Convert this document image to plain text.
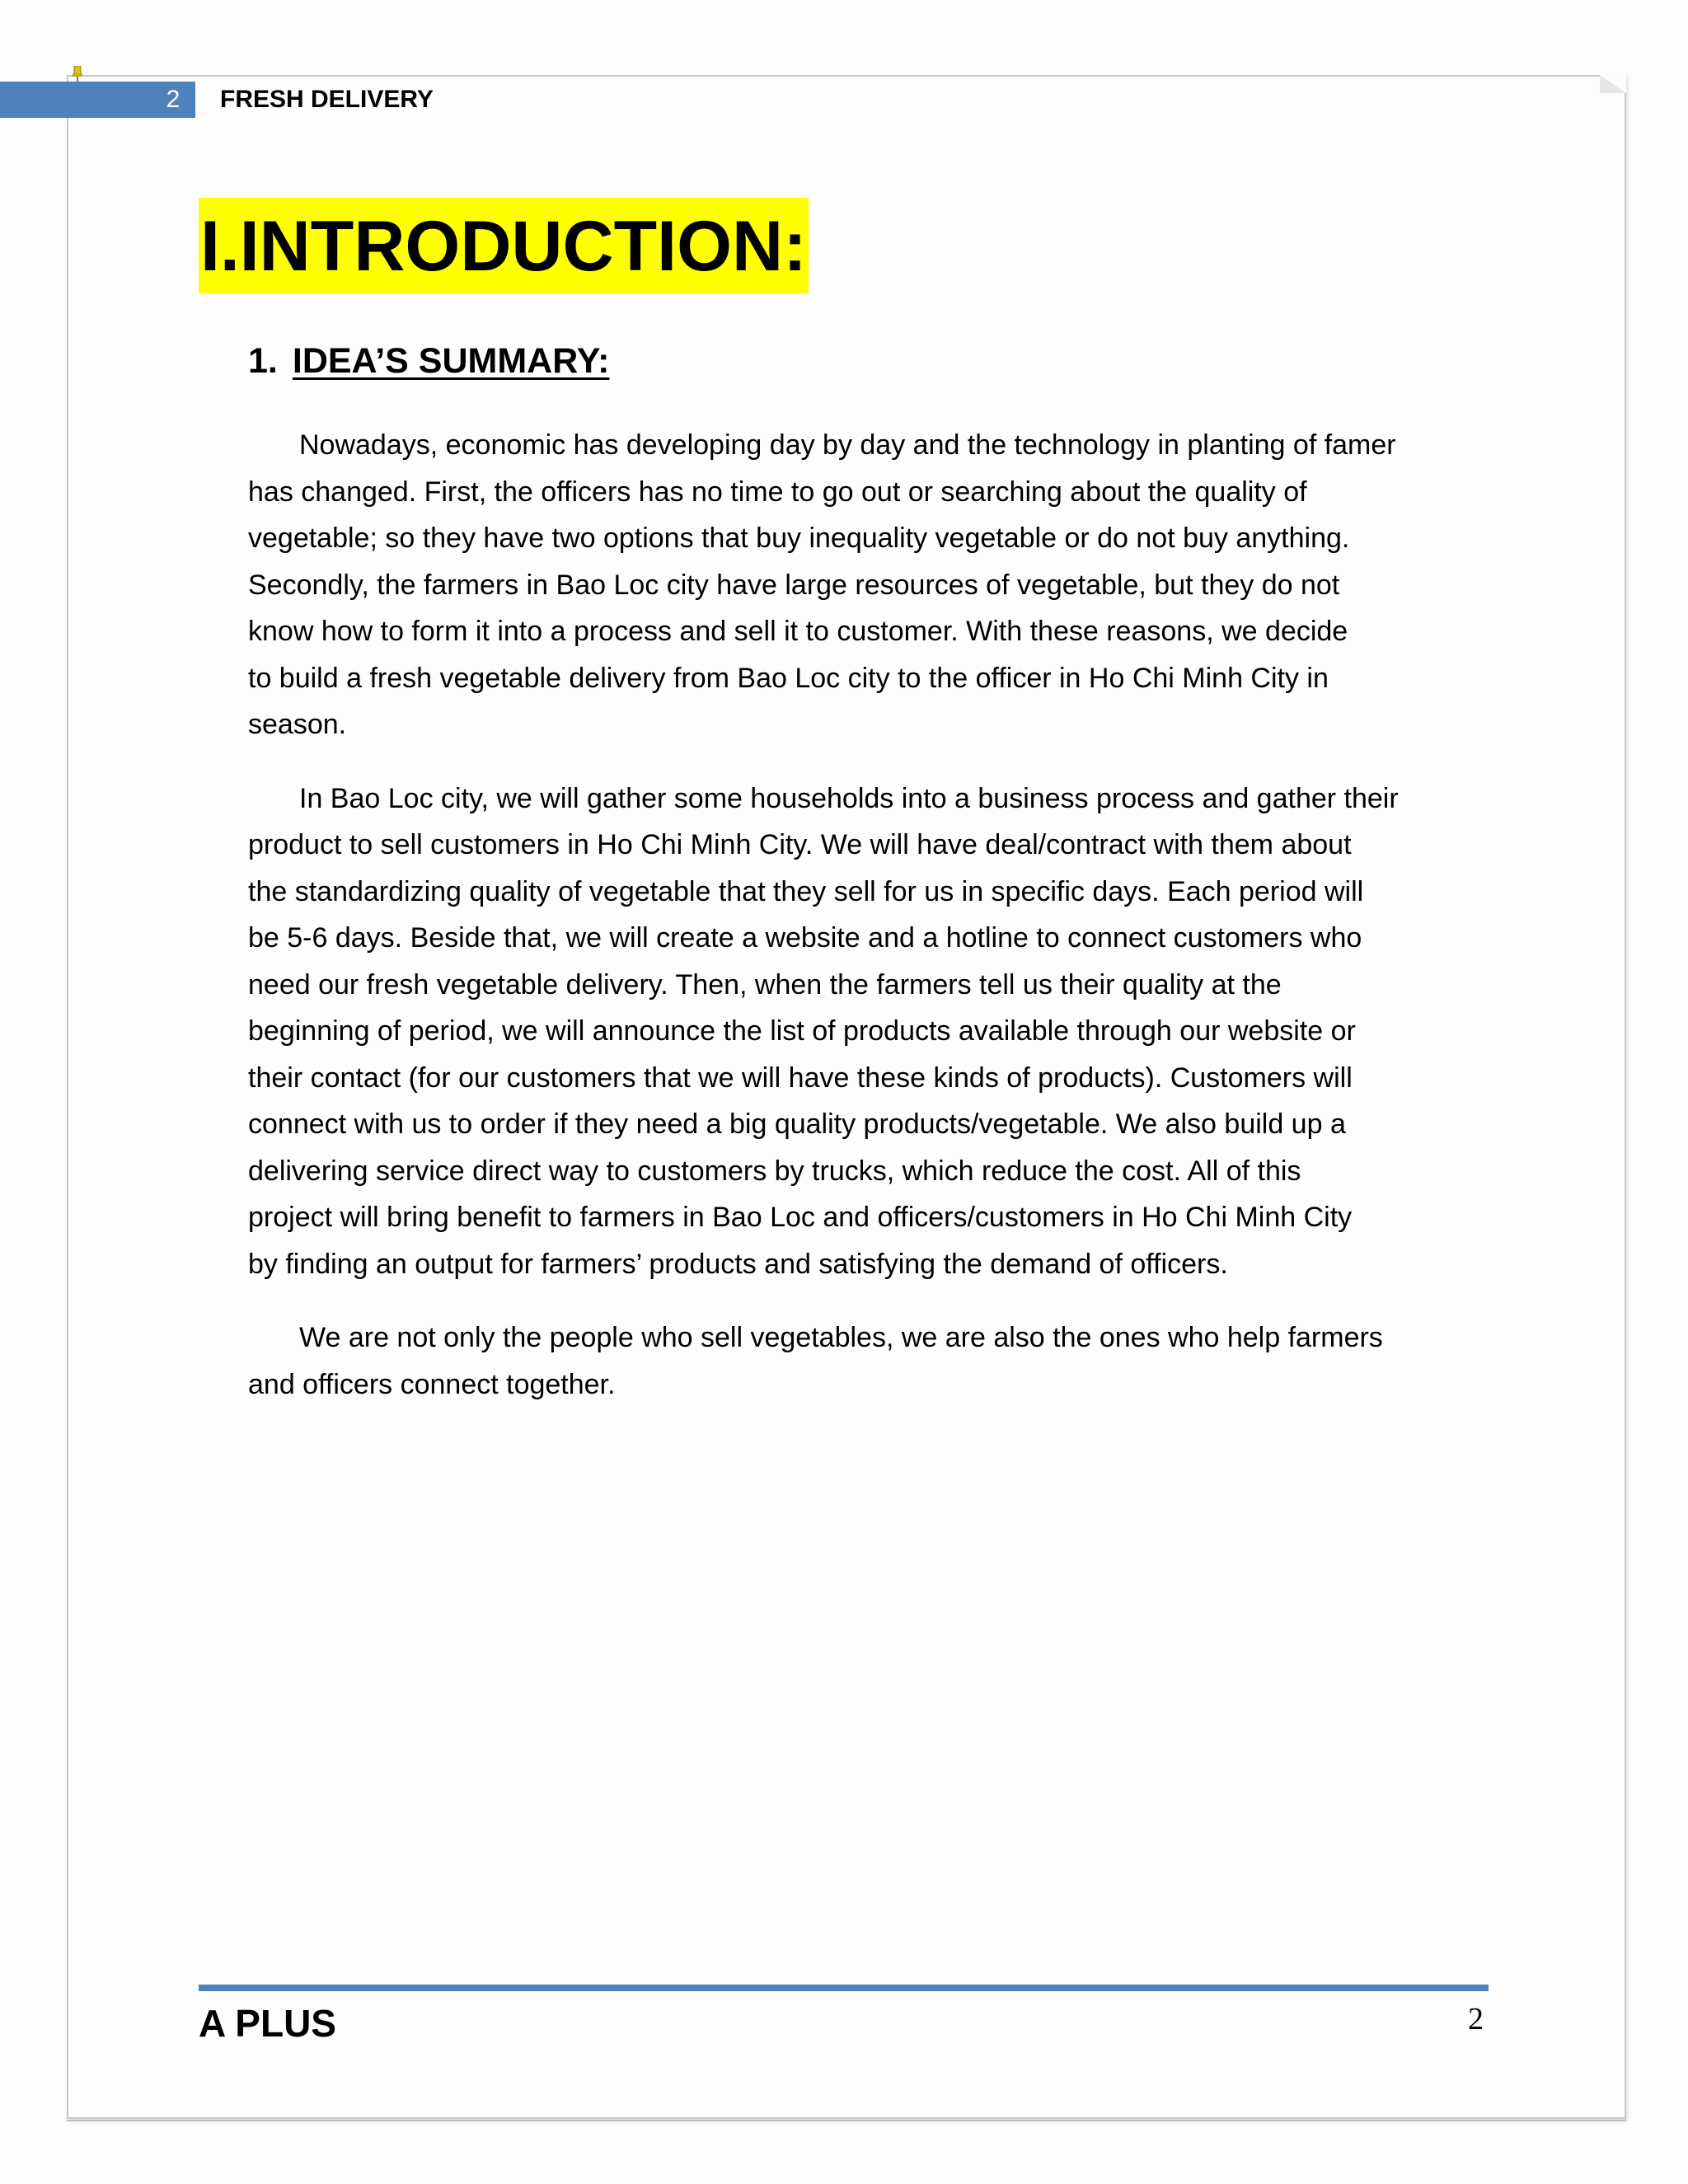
2	FRESH DELIVERY
I.INTRODUCTION:
1. IDEA’S SUMMARY:
Nowadays, economic has developing day by day and the technology in planting of famer
has changed. First, the officers has no time to go out or searching about the quality of
vegetable; so they have two options that buy inequality vegetable or do not buy anything.
Secondly, the farmers in Bao Loc city have large resources of vegetable, but they do not
know how to form it into a process and sell it to customer. With these reasons, we decide
to build a fresh vegetable delivery from Bao Loc city to the officer in Ho Chi Minh City in
season.
In Bao Loc city, we will gather some households into a business process and gather their
product to sell customers in Ho Chi Minh City. We will have deal/contract with them about
the standardizing quality of vegetable that they sell for us in specific days. Each period will
be 5-6 days. Beside that, we will create a website and a hotline to connect customers who
need our fresh vegetable delivery. Then, when the farmers tell us their quality at the
beginning of period, we will announce the list of products available through our website or
their contact (for our customers that we will have these kinds of products). Customers will
connect with us to order if they need a big quality products/vegetable. We also build up a
delivering service direct way to customers by trucks, which reduce the cost. All of this
project will bring benefit to farmers in Bao Loc and officers/customers in Ho Chi Minh City
by finding an output for farmers’ products and satisfying the demand of officers.
We are not only the people who sell vegetables, we are also the ones who help farmers
and officers connect together.
A PLUS	2
